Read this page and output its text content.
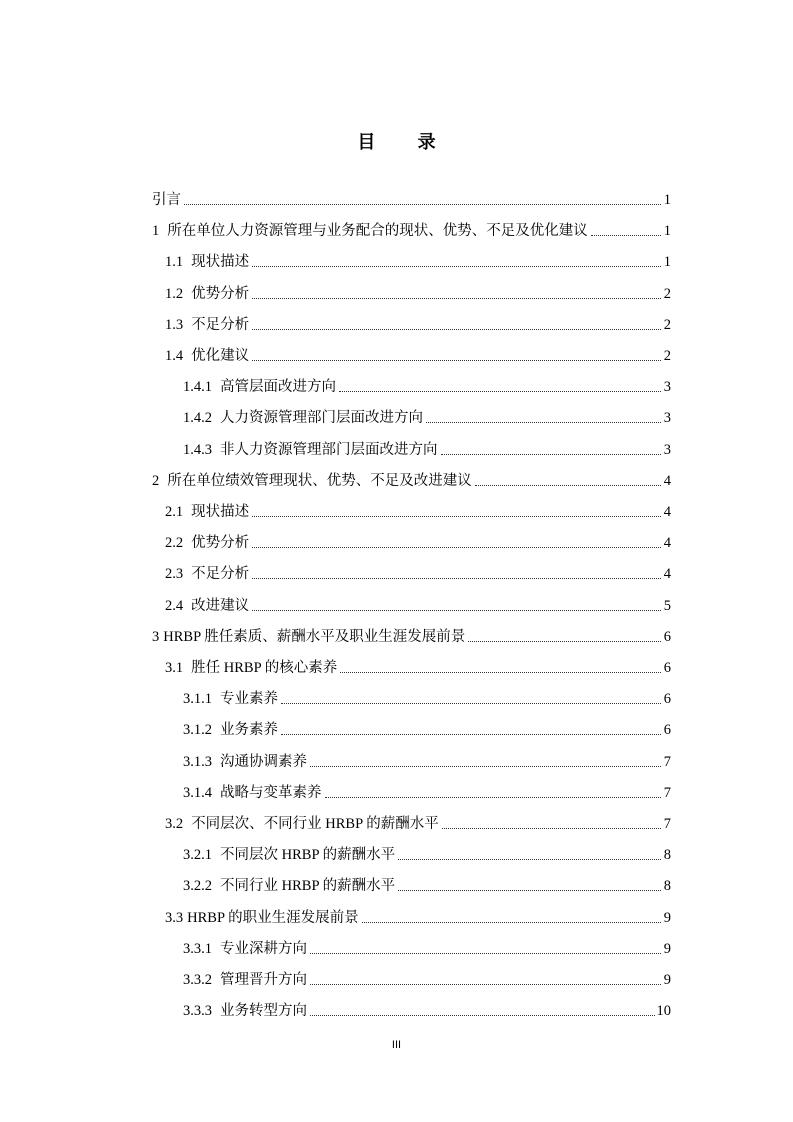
目 录
引言	1
1 所在单位人力资源管理与业务配合的现状、优势、不足及优化建议	1
1.1 现状描述	1
1.2 优势分析	2
1.3 不足分析	2
1.4 优化建议	2
1.4.1 高管层面改进方向	3
1.4.2 人力资源管理部门层面改进方向	3
1.4.3 非人力资源管理部门层面改进方向	3
2 所在单位绩效管理现状、优势、不足及改进建议	4
2.1 现状描述	4
2.2 优势分析	4
2.3 不足分析	4
2.4 改进建议	5
3 HRBP 胜任素质、薪酬水平及职业生涯发展前景	6
3.1 胜任 HRBP 的核心素养	6
3.1.1 专业素养	6
3.1.2 业务素养	6
3.1.3 沟通协调素养	7
3.1.4 战略与变革素养	7
3.2 不同层次、不同行业 HRBP 的薪酬水平	7
3.2.1 不同层次 HRBP 的薪酬水平	8
3.2.2 不同行业 HRBP 的薪酬水平	8
3.3 HRBP 的职业生涯发展前景	9
3.3.1 专业深耕方向	9
3.3.2 管理晋升方向	9
3.3.3 业务转型方向	10
III
